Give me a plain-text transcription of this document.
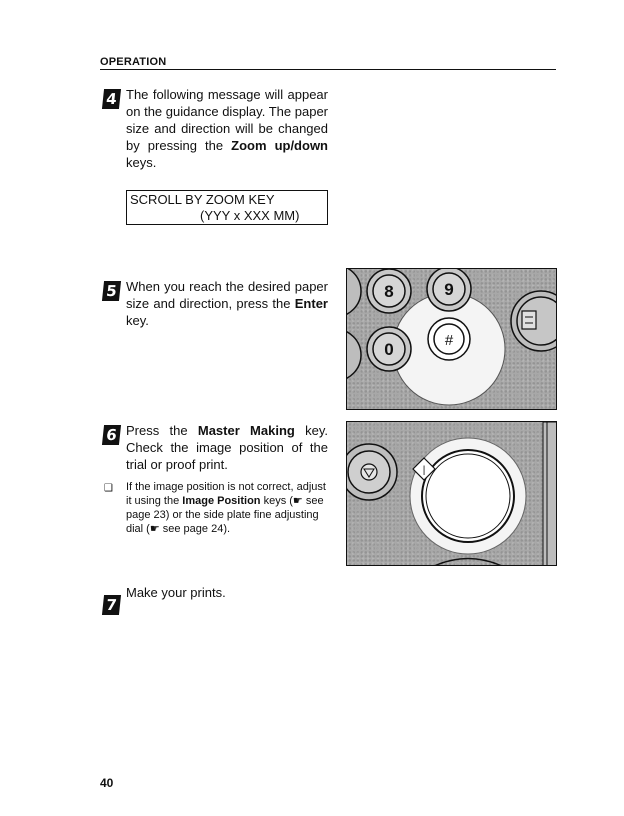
OPERATION
4 The following message will appear on the guidance display. The paper size and direction will be changed by pressing the Zoom up/down keys.
SCROLL BY ZOOM KEY
(YYY x XXX MM)
5 When you reach the desired paper size and direction, press the Enter key.
8	9
0	#
6 Press the Master Making key. Check the image position of the trial or proof print.
❑ If the image position is not correct, adjust it using the Image Position keys (☛ see page 23) or the side plate fine adjusting dial (☛ see page 24).
|
7
Make your prints.
40
